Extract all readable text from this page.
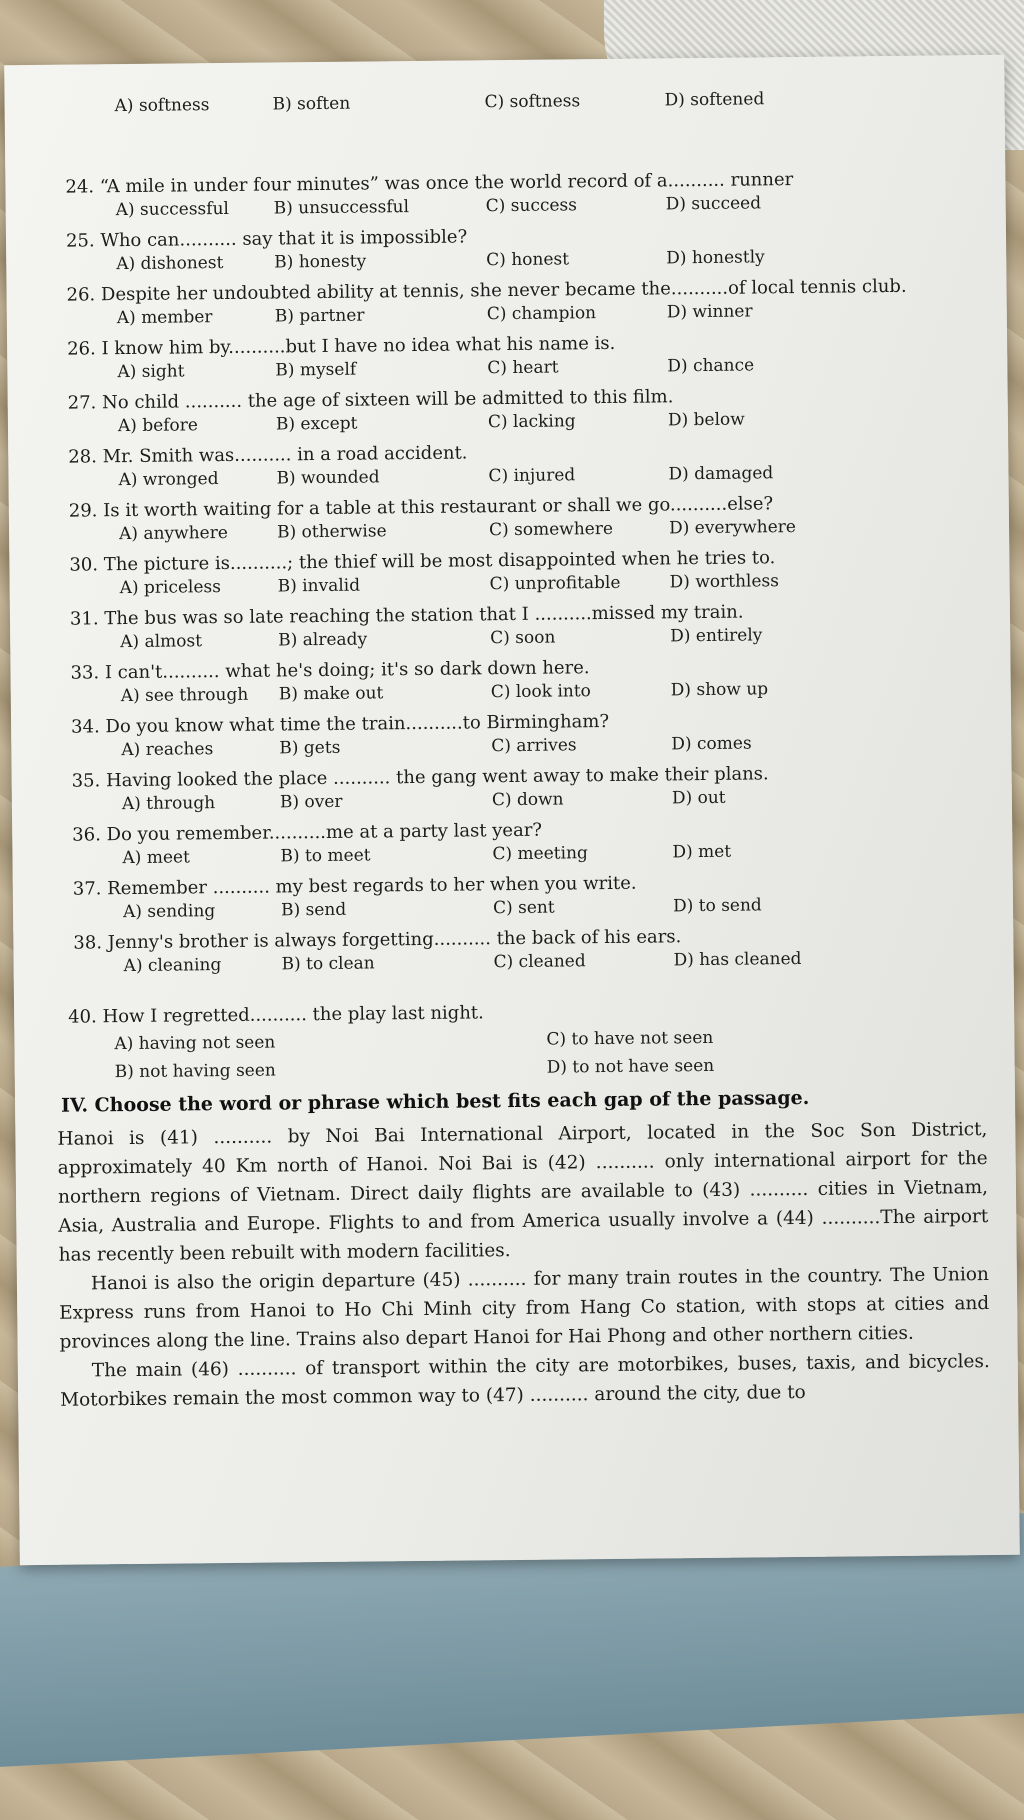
A) softness	B) soften	C) softness	D) softened
24. “A mile in under four minutes” was once the world record of a.......... runner
A) successful	B) unsuccessful	C) success	D) succeed
25. Who can.......... say that it is impossible?
A) dishonest	B) honesty	C) honest	D) honestly
26. Despite her undoubted ability at tennis, she never became the..........of local tennis club.
A) member	B) partner	C) champion	D) winner
26. I know him by..........but I have no idea what his name is.
A) sight	B) myself	C) heart	D) chance
27. No child .......... the age of sixteen will be admitted to this film.
A) before	B) except	C) lacking	D) below
28. Mr. Smith was.......... in a road accident.
A) wronged	B) wounded	C) injured	D) damaged
29. Is it worth waiting for a table at this restaurant or shall we go..........else?
A) anywhere	B) otherwise	C) somewhere	D) everywhere
30. The picture is..........; the thief will be most disappointed when he tries to.
A) priceless	B) invalid	C) unprofitable	D) worthless
31. The bus was so late reaching the station that I ..........missed my train.
A) almost	B) already	C) soon	D) entirely
33. I can't.......... what he's doing; it's so dark down here.
A) see through B) make out	C) look into	D) show up
34. Do you know what time the train..........to Birmingham?
A) reaches	B) gets	C) arrives	D) comes
35. Having looked the place .......... the gang went away to make their plans.
A) through	B) over	C) down	D) out
36. Do you remember..........me at a party last year?
A) meet	B) to meet	C) meeting	D) met
37. Remember .......... my best regards to her when you write.
A) sending	B) send	C) sent	D) to send
38. Jenny's brother is always forgetting.......... the back of his ears.
A) cleaning	B) to clean	C) cleaned	D) has cleaned
40. How I regretted.......... the play last night.
A) having not seen	C) to have not seen
B) not having seen	D) to not have seen
IV. Choose the word or phrase which best fits each gap of the passage.

Hanoi is (41) .......... by Noi Bai International Airport, located in the Soc Son District, approximately 40 Km north of Hanoi. Noi Bai is (42) .......... only international airport for the northern regions of Vietnam. Direct daily flights are available to (43) .......... cities in Vietnam, Asia, Australia and Europe. Flights to and from America usually involve a (44) ..........The airport has recently been rebuilt with modern facilities.

Hanoi is also the origin departure (45) .......... for many train routes in the country. The Union Express runs from Hanoi to Ho Chi Minh city from Hang Co station, with stops at cities and provinces along the line. Trains also depart Hanoi for Hai Phong and other northern cities.

The main (46) .......... of transport within the city are motorbikes, buses, taxis, and bicycles. Motorbikes remain the most common way to (47) .......... around the city, due to
